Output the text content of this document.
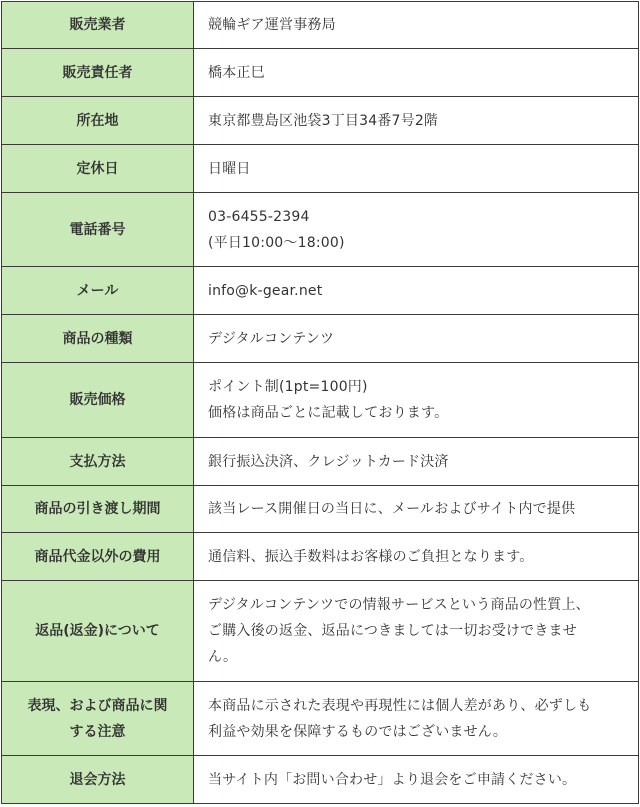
販売業者	競輪ギア運営事務局

販売責任者	橋本正巳

所在地	東京都豊島区池袋3丁目34番7号2階

定休日	日曜日

電話番号	03-6455-2394
(平日10:00〜18:00)

メール	info@k-gear.net

商品の種類	デジタルコンテンツ

販売価格	ポイント制(1pt=100円)
価格は商品ごとに記載しております。

支払方法	銀行振込決済、クレジットカード決済

商品の引き渡し期間	該当レース開催日の当日に、メールおよびサイト内で提供

商品代金以外の費用	通信料、振込手数料はお客様のご負担となります。

返品(返金)について	デジタルコンテンツでの情報サービスという商品の性質上、
ご購入後の返金、返品につきましては一切お受けできませ
ん。

表現、および商品に関
する注意	本商品に示された表現や再現性には個人差があり、必ずしも
利益や効果を保障するものではございません。

退会方法	当サイト内「お問い合わせ」より退会をご申請ください。
